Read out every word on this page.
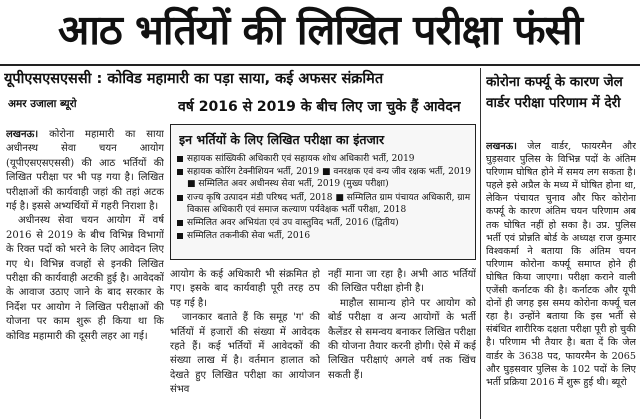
आठ भर्तियों की लिखित परीक्षा फंसी
यूपीएसएसएससी : कोविड महामारी का पड़ा साया, कई अफसर संक्रमित
अमर उजाला ब्यूरो	वर्ष 2016 से 2019 के बीच लिए जा चुके हैं आवेदन

लखनऊ। कोरोना महामारी का साया अधीनस्थ सेवा चयन आयोग (यूपीएसएसएससी) की आठ भर्तियों की लिखित परीक्षा पर भी पड़ गया है। लिखित परीक्षाओं की कार्यवाही जहां की तहां अटक गई है। इससे अभ्यर्थियों में गहरी निराशा है।

अधीनस्थ सेवा चयन आयोग में वर्ष 2016 से 2019 के बीच विभिन्न विभागों के रिक्त पदों को भरने के लिए आवेदन लिए गए थे। विभिन्न वजहों से इनकी लिखित परीक्षा की कार्यवाही अटकी हुई है। आवेदकों के आवाज उठाए जाने के बाद सरकार के निर्देश पर आयोग ने लिखित परीक्षाओं की योजना पर काम शुरू ही किया था कि कोविड महामारी की दूसरी लहर आ गई।

इन भर्तियों के लिए लिखित परीक्षा का इंतजार
सहायक सांख्यिकी अधिकारी एवं सहायक शोध अधिकारी भर्ती, 2019
सहायक कोरिंग टेक्नीशियन भर्ती, 2019 ■ वनरक्षक एवं वन्य जीव रक्षक भर्ती, 2019 ■ सम्मिलित अवर अधीनस्थ सेवा भर्ती, 2019 (मुख्य परीक्षा)
राज्य कृषि उत्पादन मंडी परिषद भर्ती, 2018 ■ सम्मिलित ग्राम पंचायत अधिकारी, ग्राम विकास अधिकारी एवं समाज कल्याण पर्यवेक्षक भर्ती परीक्षा, 2018
सम्मिलित अवर अभियंता एवं उप वास्तुविद भर्ती, 2016 (द्वितीय)
सम्मिलित तकनीकी सेवा भर्ती, 2016

आयोग के कई अधिकारी भी संक्रमित हो गए। इसके बाद कार्यवाही पूरी तरह ठप पड़ गई है।

जानकार बताते हैं कि समूह 'ग' की भर्तियों में हजारों की संख्या में आवेदक रहते हैं। कई भर्तियों में आवेदकों की संख्या लाख में है। वर्तमान हालात को देखते हुए लिखित परीक्षा का आयोजन संभव

नहीं माना जा रहा है। अभी आठ भर्तियों की लिखित परीक्षा होनी है।

माहौल सामान्य होने पर आयोग को बोर्ड परीक्षा व अन्य आयोगों के भर्ती कैलेंडर से समन्वय बनाकर लिखित परीक्षा की योजना तैयार करनी होगी। ऐसे में कई लिखित परीक्षाएं अगले वर्ष तक खिंच सकती हैं।

कोरोना कर्फ्यू के कारण जेल वार्डर परीक्षा परिणाम में देरी

लखनऊ। जेल वार्डर, फायरमैन और घुड़सवार पुलिस के विभिन्न पदों के अंतिम परिणाम घोषित होने में समय लग सकता है। पहले इसे अप्रैल के मध्य में घोषित होना था, लेकिन पंचायत चुनाव और फिर कोरोना कर्फ्यू के कारण अंतिम चयन परिणाम अब तक घोषित नहीं हो सका है। उप्र. पुलिस भर्ती एवं प्रोन्नति बोर्ड के अध्यक्ष राज कुमार विश्वकर्मा ने बताया कि अंतिम चयन परिणाम कोरोना कर्फ्यू समाप्त होने ही घोषित किया जाएगा। परीक्षा कराने वाली एजेंसी कर्नाटक की है। कर्नाटक और यूपी दोनों ही जगह इस समय कोरोना कर्फ्यू चल रहा है। उन्होंने बताया कि इस भर्ती से संबंधित शारीरिक दक्षता परीक्षा पूरी हो चुकी है। परिणाम भी तैयार है। बता दें कि जेल वार्डर के 3638 पद, फायरमैन के 2065 और घुड़सवार पुलिस के 102 पदों के लिए भर्ती प्रक्रिया 2016 में शुरू हुई थी। ब्यूरो
